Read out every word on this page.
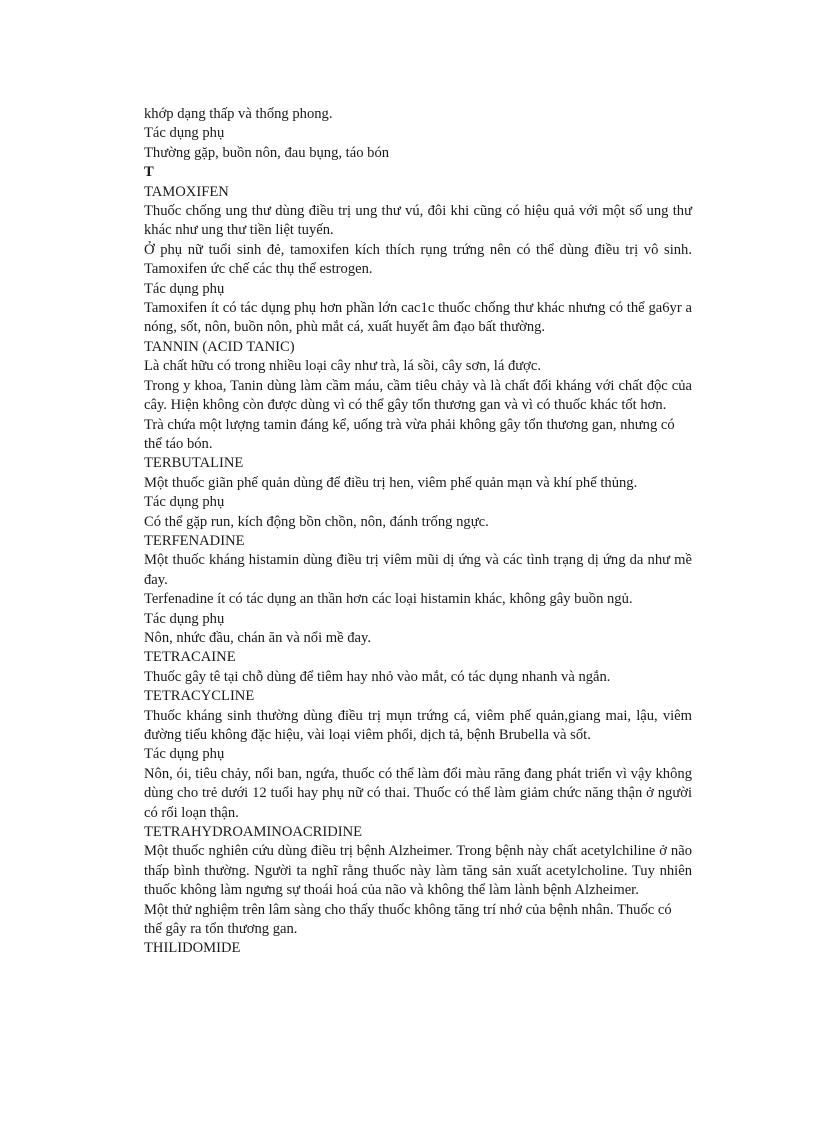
khớp dạng thấp và thống phong.

Tác dụng phụ

Thường gặp, buồn nôn, đau bụng, táo bón

T

TAMOXIFEN

Thuốc chống ung thư dùng điều trị ung thư vú, đôi khi cũng có hiệu quả với một số ung thư khác như ung thư tiền liệt tuyến.

Ở phụ nữ tuổi sinh đẻ, tamoxifen kích thích rụng trứng nên có thể dùng điều trị vô sinh. Tamoxifen ức chế các thụ thể estrogen.

Tác dụng phụ

Tamoxifen ít có tác dụng phụ hơn phần lớn cac1c thuốc chống thư khác nhưng có thể ga6yr a nóng, sốt, nôn, buồn nôn, phù mắt cá, xuất huyết âm đạo bất thường.

TANNIN (ACID TANIC)

Là chất hữu có trong nhiều loại cây như trà, lá sồi, cây sơn, lá được.

Trong y khoa, Tanin dùng làm cầm máu, cầm tiêu chảy và là chất đối kháng với chất độc của cây. Hiện không còn được dùng vì có thể gây tổn thương gan và vì có thuốc khác tốt hơn.

Trà chứa một lượng tamin đáng kể, uống trà vừa phải không gây tổn thương gan, nhưng có thể táo bón.

TERBUTALINE

Một thuốc giãn phế quản dùng để điều trị hen, viêm phế quản mạn và khí phế thủng.

Tác dụng phụ

Có thể gặp run, kích động bồn chồn, nôn, đánh trống ngực.

TERFENADINE

Một thuốc kháng histamin dùng điều trị viêm mũi dị ứng và các tình trạng dị ứng da như mề đay.

Terfenadine ít có tác dụng an thần hơn các loại histamin khác, không gây buồn ngủ.

Tác dụng phụ

Nôn, nhức đầu, chán ăn và nổi mề đay.

TETRACAINE

Thuốc gây tê tại chỗ dùng để tiêm hay nhỏ vào mắt, có tác dụng nhanh và ngắn.

TETRACYCLINE

Thuốc kháng sinh thường dùng điều trị mụn trứng cá, viêm phế quản,giang mai, lậu, viêm đường tiểu không đặc hiệu, vài loại viêm phổi, dịch tả, bệnh Brubella và sốt.

Tác dụng phụ

Nôn, ói, tiêu chảy, nổi ban, ngứa, thuốc có thể làm đổi màu răng đang phát triển vì vậy không dùng cho trẻ dưới 12 tuổi hay phụ nữ có thai. Thuốc có thể làm giảm chức năng thận ở người có rối loạn thận.

TETRAHYDROAMINOACRIDINE

Một thuốc nghiên cứu dùng điều trị bệnh Alzheimer. Trong bệnh này chất acetylchiline ở não thấp bình thường. Người ta nghĩ rằng thuốc này làm tăng sản xuất acetylcholine. Tuy nhiên thuốc không làm ngưng sự thoái hoá của não và không thể làm lành bệnh Alzheimer.

Một thử nghiệm trên lâm sàng cho thấy thuốc không tăng trí nhớ của bệnh nhân. Thuốc có thể gây ra tổn thương gan.

THILIDOMIDE
